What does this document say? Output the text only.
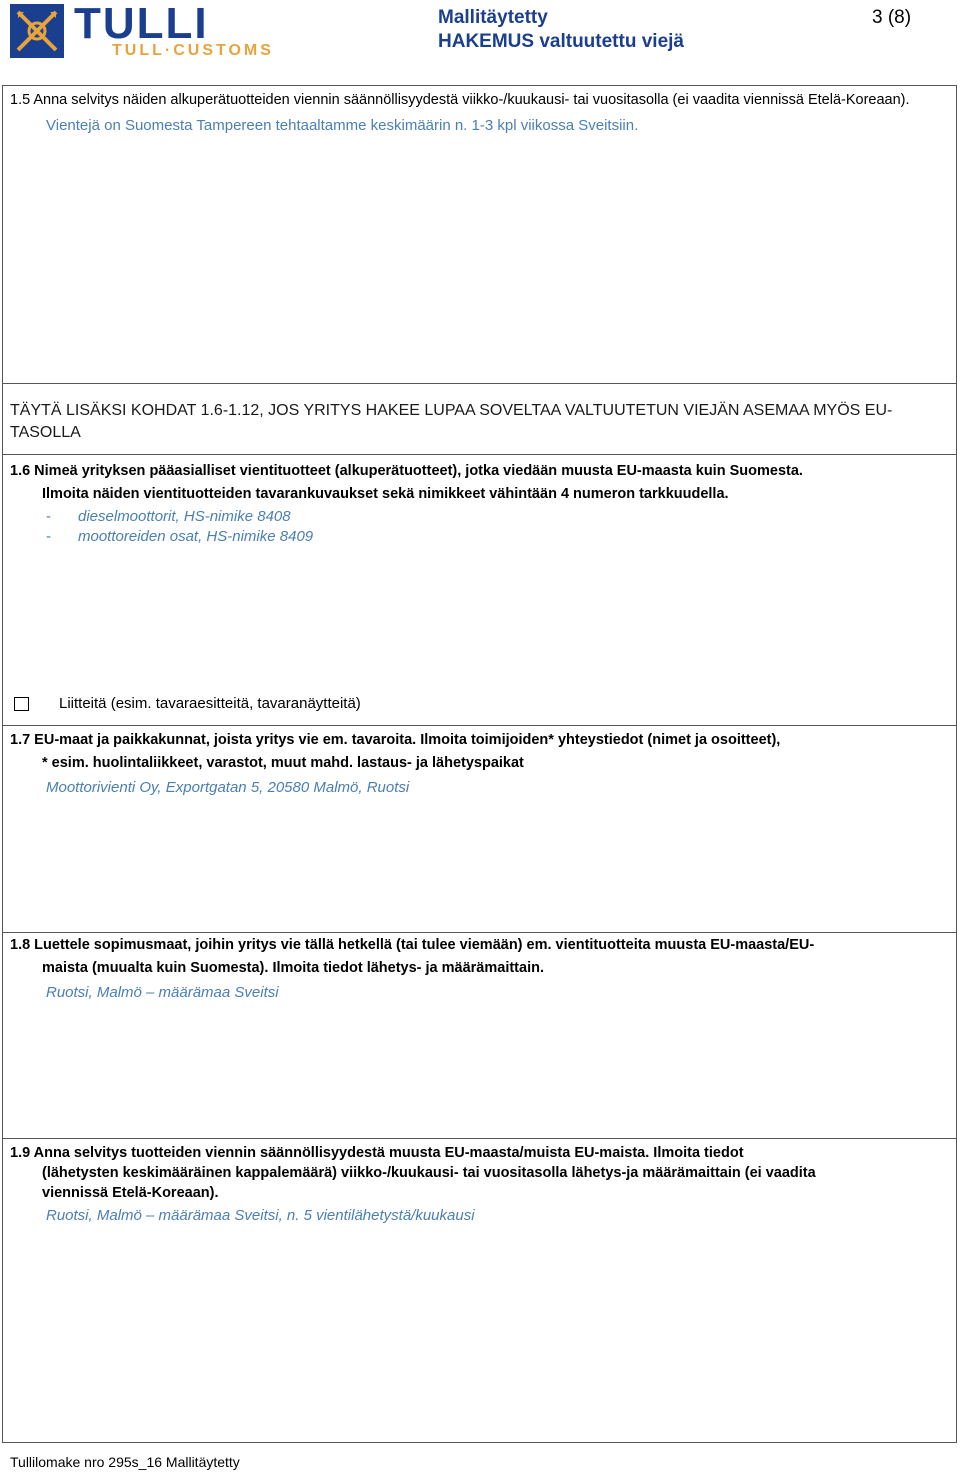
TULLI
TULL·CUSTOMS
Mallitäytetty
HAKEMUS valtuutettu viejä
3 (8)
1.5 Anna selvitys näiden alkuperätuotteiden viennin säännöllisyydestä viikko-/kuukausi- tai vuositasolla (ei vaadita viennissä Etelä-Koreaan).
Vientejä on Suomesta Tampereen tehtaaltamme keskimäärin n. 1-3 kpl viikossa Sveitsiin.
TÄYTÄ LISÄKSI KOHDAT 1.6-1.12, JOS YRITYS HAKEE LUPAA SOVELTAA VALTUUTETUN VIEJÄN ASEMAA MYÖS EU-TASOLLA
1.6 Nimeä yrityksen pääasialliset vientituotteet (alkuperätuotteet), jotka viedään muusta EU-maasta kuin Suomesta.
Ilmoita näiden vientituotteiden tavarankuvaukset sekä nimikkeet vähintään 4 numeron tarkkuudella.
- dieselmoottorit, HS-nimike 8408
- moottoreiden osat, HS-nimike 8409
Liitteitä (esim. tavaraesitteitä, tavaranäytteitä)
1.7 EU-maat ja paikkakunnat, joista yritys vie em. tavaroita. Ilmoita toimijoiden* yhteystiedot (nimet ja osoitteet),
* esim. huolintaliikkeet, varastot, muut mahd. lastaus- ja lähetyspaikat
Moottorivienti Oy, Exportgatan 5, 20580 Malmö, Ruotsi
1.8 Luettele sopimusmaat, joihin yritys vie tällä hetkellä (tai tulee viemään) em. vientituotteita muusta EU-maasta/EU-
maista (muualta kuin Suomesta). Ilmoita tiedot lähetys- ja määrämaittain.
Ruotsi, Malmö – määrämaa Sveitsi
1.9 Anna selvitys tuotteiden viennin säännöllisyydestä muusta EU-maasta/muista EU-maista. Ilmoita tiedot
(lähetysten keskimääräinen kappalemäärä) viikko-/kuukausi- tai vuositasolla lähetys-ja määrämaittain (ei vaadita
viennissä Etelä-Koreaan).
Ruotsi, Malmö – määrämaa Sveitsi, n. 5 vientilähetystä/kuukausi
Tullilomake nro 295s_16 Mallitäytetty
